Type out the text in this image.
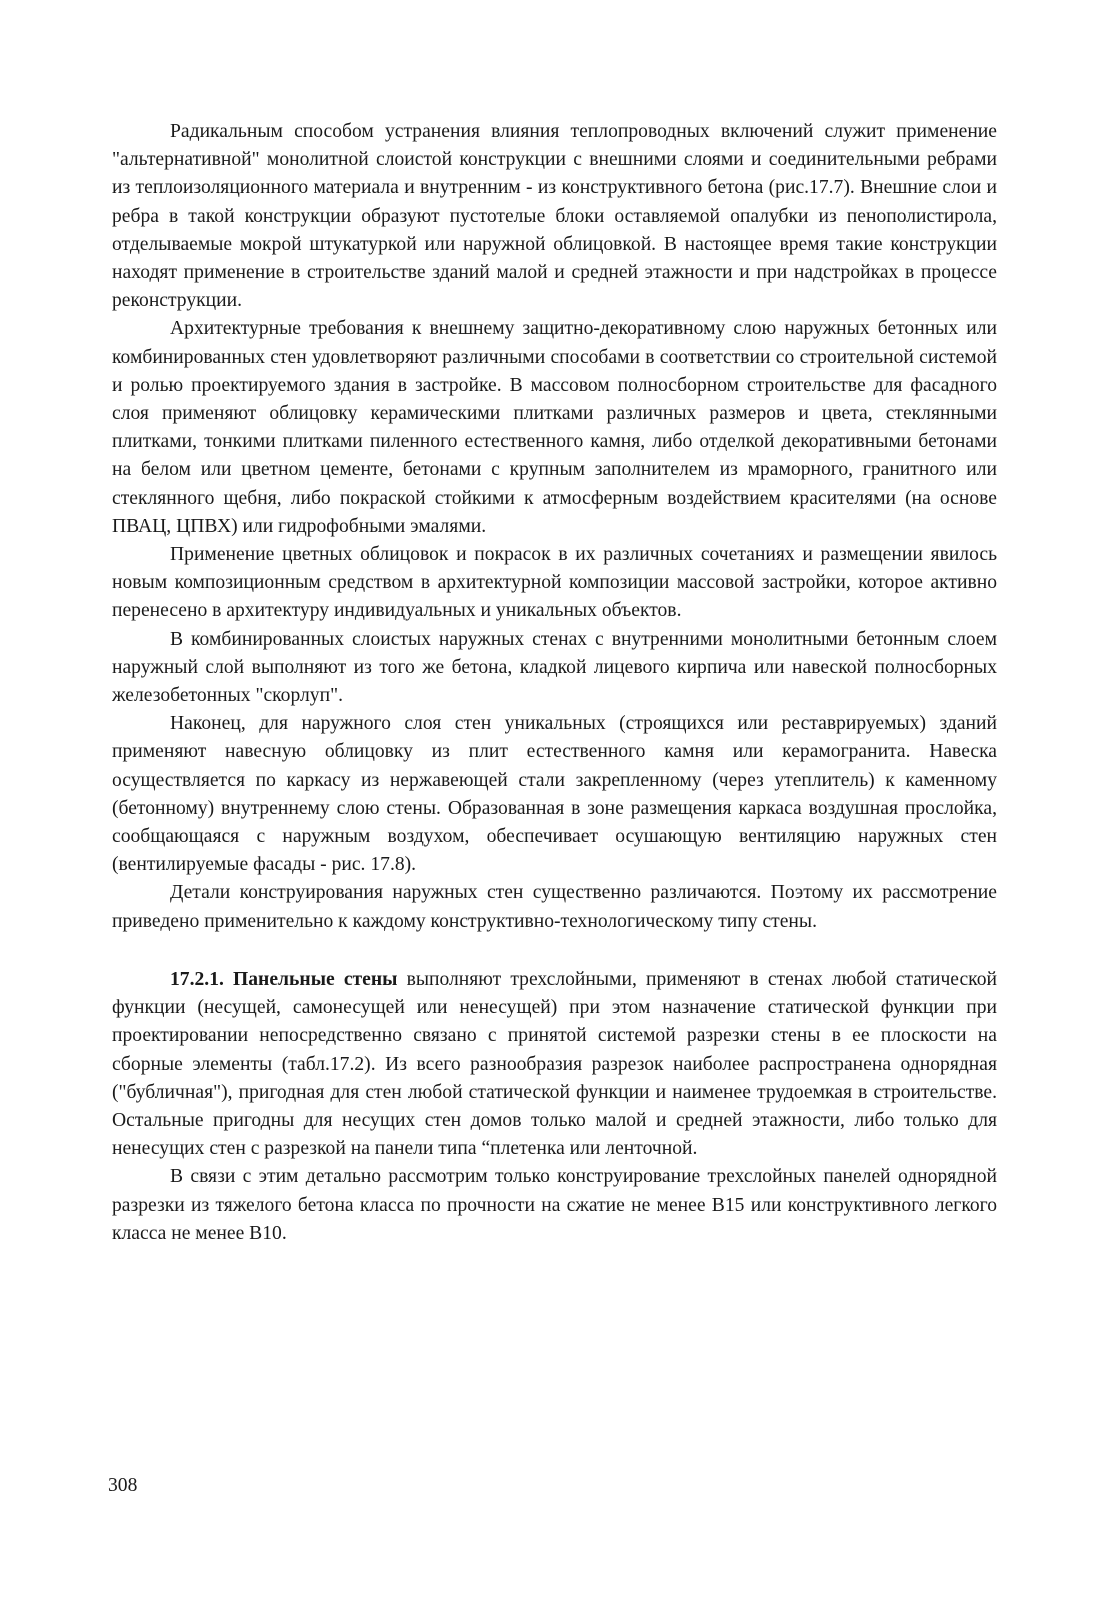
Радикальным способом устранения влияния теплопроводных включений служит применение "альтернативной" монолитной слоистой конструкции с внешними слоями и соединительными ребрами из теплоизоляционного материала и внутренним - из конструктивного бетона (рис.17.7). Внешние слои и ребра в такой конструкции образуют пустотелые блоки оставляемой опалубки из пенополистирола, отделываемые мокрой штукатуркой или наружной облицовкой. В настоящее время такие конструкции находят применение в строительстве зданий малой и средней этажности и при надстройках в процессе реконструкции.

Архитектурные требования к внешнему защитно-декоративному слою наружных бетонных или комбинированных стен удовлетворяют различными способами в соответствии со строительной системой и ролью проектируемого здания в застройке. В массовом полносборном строительстве для фасадного слоя применяют облицовку керамическими плитками различных размеров и цвета, стеклянными плитками, тонкими плитками пиленного естественного камня, либо отделкой декоративными бетонами на белом или цветном цементе, бетонами с крупным заполнителем из мраморного, гранитного или стеклянного щебня, либо покраской стойкими к атмосферным воздействием красителями (на основе ПВАЦ, ЦПВХ) или гидрофобными эмалями.

Применение цветных облицовок и покрасок в их различных сочетаниях и размещении явилось новым композиционным средством в архитектурной композиции массовой застройки, которое активно перенесено в архитектуру индивидуальных и уникальных объектов.

В комбинированных слоистых наружных стенах с внутренними монолитными бетонным слоем наружный слой выполняют из того же бетона, кладкой лицевого кирпича или навеской полносборных железобетонных "скорлуп".

Наконец, для наружного слоя стен уникальных (строящихся или реставрируемых) зданий применяют навесную облицовку из плит естественного камня или керамогранита. Навеска осуществляется по каркасу из нержавеющей стали закрепленному (через утеплитель) к каменному (бетонному) внутреннему слою стены. Образованная в зоне размещения каркаса воздушная прослойка, сообщающаяся с наружным воздухом, обеспечивает осушающую вентиляцию наружных стен (вентилируемые фасады - рис. 17.8).

Детали конструирования наружных стен существенно различаются. Поэтому их рассмотрение приведено применительно к каждому конструктивно-технологическому типу стены.

17.2.1. Панельные стены выполняют трехслойными, применяют в стенах любой статической функции (несущей, самонесущей или ненесущей) при этом назначение статической функции при проектировании непосредственно связано с принятой системой разрезки стены в ее плоскости на сборные элементы (табл.17.2). Из всего разнообразия разрезок наиболее распространена однорядная ("бубличная"), пригодная для стен любой статической функции и наименее трудоемкая в строительстве. Остальные пригодны для несущих стен домов только малой и средней этажности, либо только для ненесущих стен с разрезкой на панели типа “плетенка или ленточной.

В связи с этим детально рассмотрим только конструирование трехслойных панелей однорядной разрезки из тяжелого бетона класса по прочности на сжатие не менее В15 или конструктивного легкого класса не менее В10.

308
